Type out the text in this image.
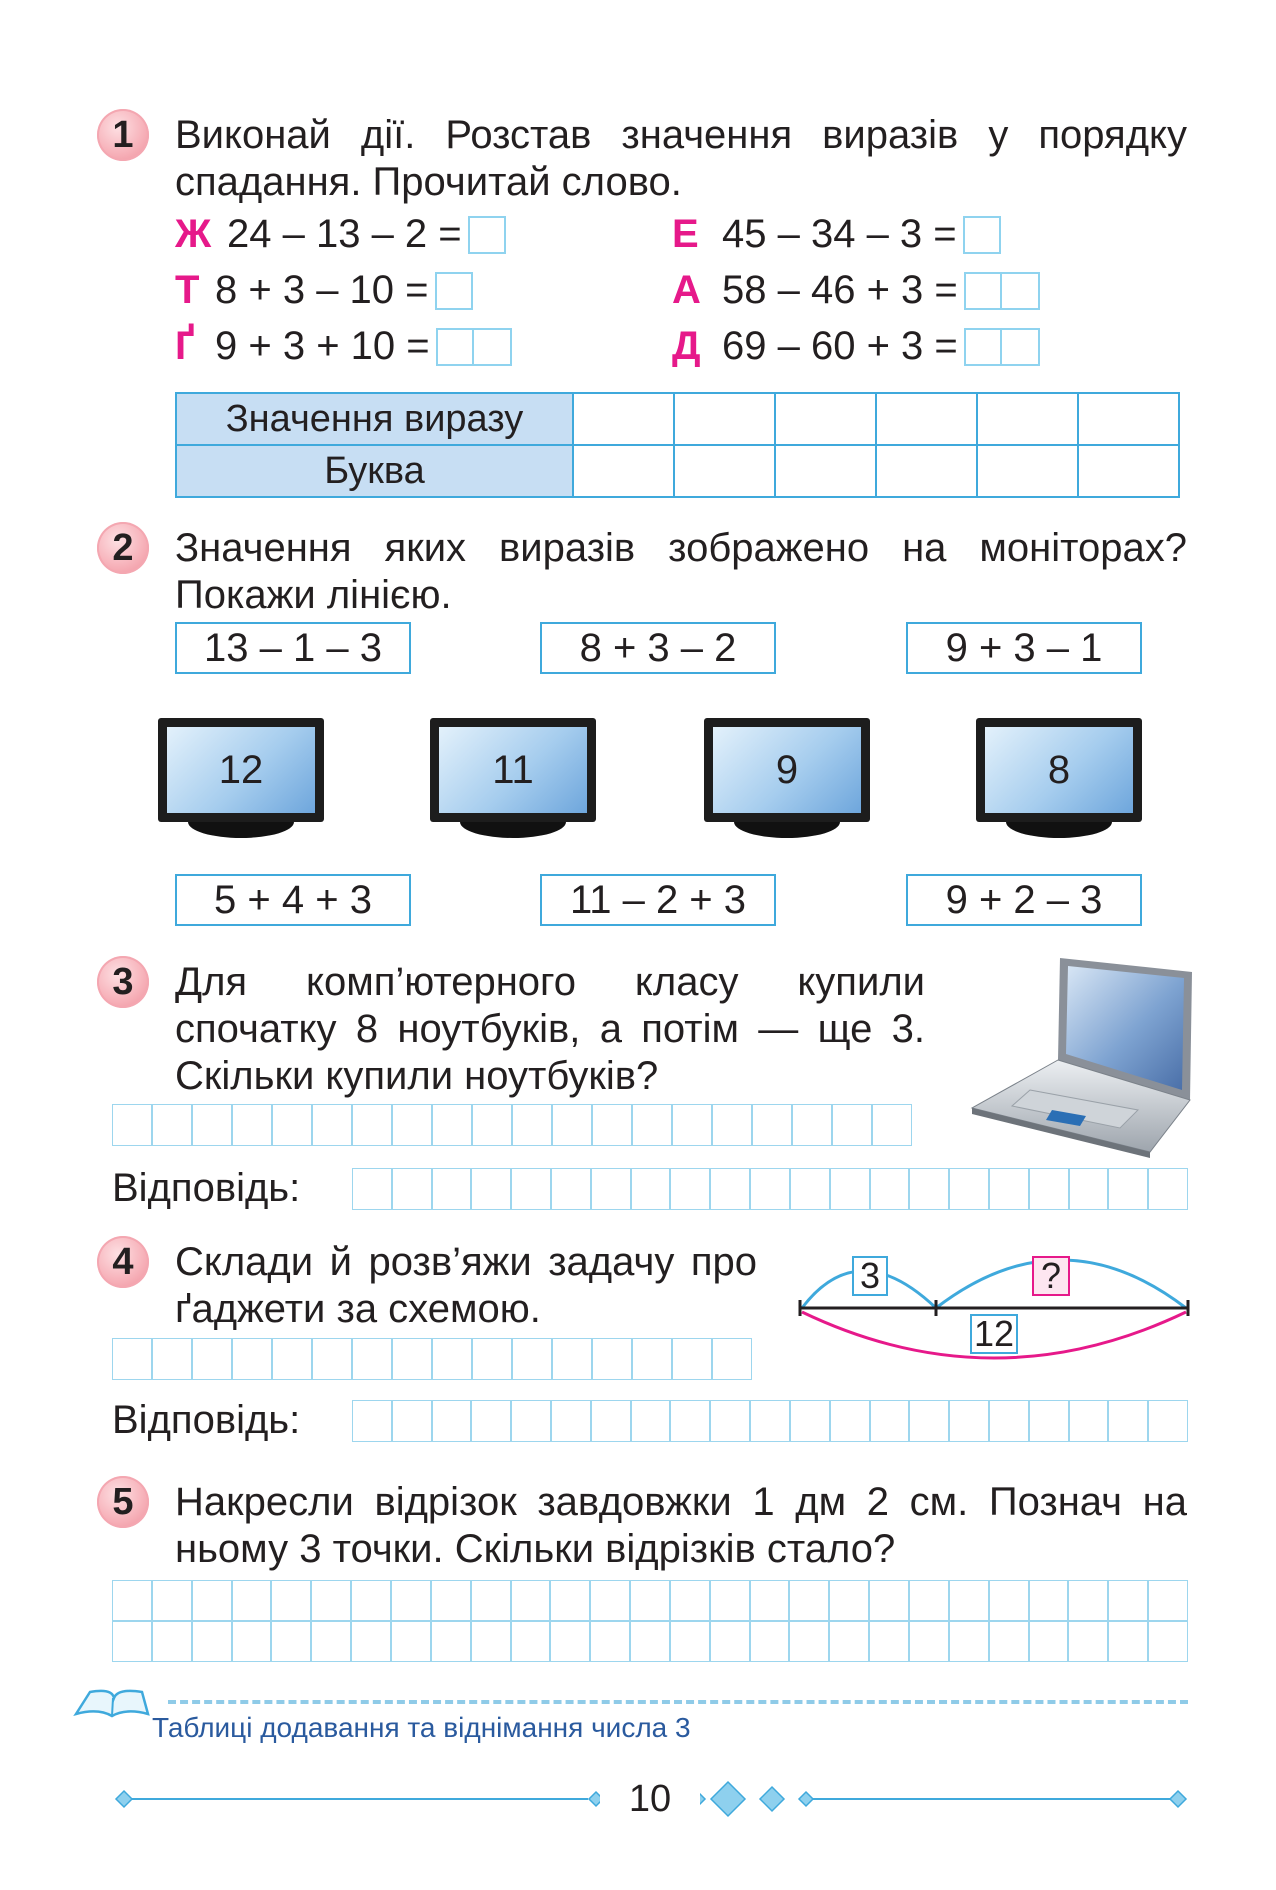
1	Виконай дії. Розстав значення виразів у порядку спадання. Прочитай слово.
Ж 24 – 13 – 2 =
Т 8 + 3 – 10 =
Ґ 9 + 3 + 10 =
Е 45 – 34 – 3 =
А 58 – 46 + 3 =
Д 69 – 60 + 3 =
Значення виразу						
Буква						
2	Значення яких виразів зображено на моніторах? Покажи лінією.
13 – 1 – 3	8 + 3 – 2	9 + 3 – 1
12	11	9	8
5 + 4 + 3	11 – 2 + 3	9 + 2 – 3
3	Для комп’ютерного класу купили спочатку 8 ноутбуків, а потім — ще 3. Скільки купили ноутбуків?
Відповідь:
4	Склади й розв’яжи задачу про ґаджети за схемою.
3	?
12
Відповідь:
5	Накресли відрізок завдовжки 1 дм 2 см. Познач на ньому 3 точки. Скільки відрізків стало?
Таблиці додавання та віднімання числа 3
10
